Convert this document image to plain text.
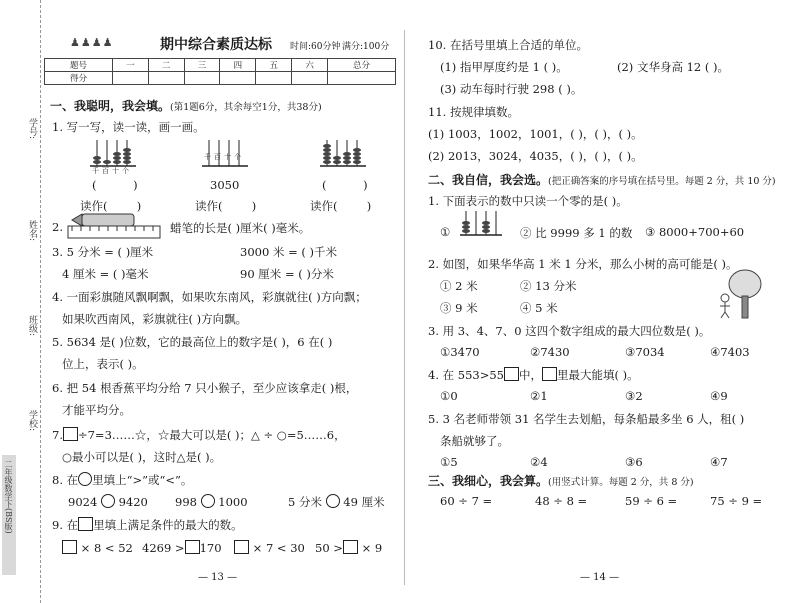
学号:
姓名:
班级:
学校:
二年级数学下(BS版)
♟♟♟♟	期中综合素质达标 时间:60分钟 满分:100分
题号	一	二	三	四	五	六	总分
得分							
一、我聪明，我会填。(第1题6分，其余每空1分，共38分)
1. 写一写，读一读，画一画。
千百十个
千百十个
(	)	3050	(	)
读作(	)	读作(	)	读作(	)
2.	蜡笔的长是( )厘米( )毫米。
3. 5 分米 = ( )厘米	3000 米 = ( )千米
4 厘米 = ( )毫米	90 厘米 = ( )分米
4. 一面彩旗随风飘啊飘，如果吹东南风，彩旗就往( )方向飘；
如果吹西南风，彩旗就往( )方向飘。
5. 5634 是( )位数，它的最高位上的数字是( )，6 在( )
位上，表示( )。
6. 把 54 根香蕉平均分给 7 只小猴子，至少应该拿走( )根，
才能平均分。
7. ÷7=3……☆，☆最大可以是( )；△ ÷ ○=5……6，
○最小可以是( )，这时△是( )。
8. 在 里填上“>”或“<”。
9024 9420 998 1000	5 分米 49 厘米
9. 在 里填上满足条件的最大的数。
× 8 < 52 4269 > 170	× 7 < 30 50 > × 9
— 13 —
10. 在括号里填上合适的单位。
(1) 指甲厚度约是 1 ( )。	(2) 文华身高 12 ( )。
(3) 动车每时行驶 298 ( )。
11. 按规律填数。
(1) 1003，1002，1001，( )，( )，( )。
(2) 2013，3024，4035，( )，( )，( )。
二、我自信，我会选。(把正确答案的序号填在括号里。每题 2 分，共 10 分)
1. 下面表示的数中只读一个零的是( )。
①	② 比 9999 多 1 的数 ③ 8000+700+60
2. 如图，如果华华高 1 米 1 分米，那么小树的高可能是( )。
① 2 米	② 13 分米
③ 9 米	④ 5 米
3. 用 3、4、7、0 这四个数字组成的最大四位数是( )。
①3470	②7430	③7034	④7403
4. 在 553>55 中， 里最大能填( )。
①0	②1	③2	④9
5. 3 名老师带领 31 名学生去划船，每条船最多坐 6 人，租( )
条船就够了。
①5	②4	③6	④7
三、我细心，我会算。(用竖式计算。每题 2 分，共 8 分)
60 ÷ 7 =	48 ÷ 8 =	59 ÷ 6 =	75 ÷ 9 =
— 14 —
